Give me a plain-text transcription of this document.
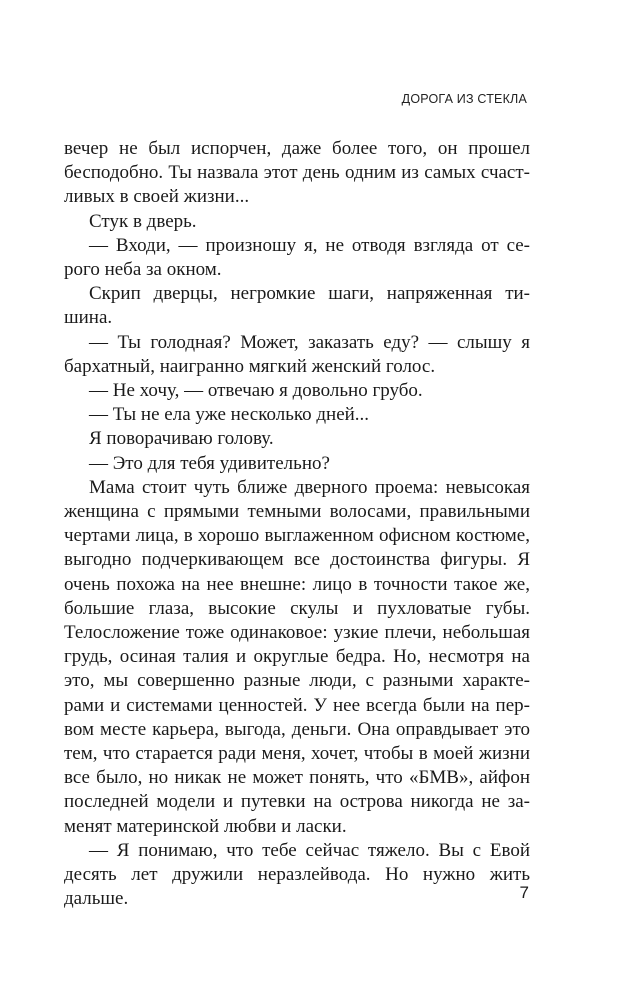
ДОРОГА ИЗ СТЕКЛА

вечер не был испорчен, даже более того, он прошел бесподобно. Ты назвала этот день одним из самых счастливых в своей жизни...

Стук в дверь.

— Входи, — произношу я, не отводя взгляда от серого неба за окном.

Скрип дверцы, негромкие шаги, напряженная тишина.

— Ты голодная? Может, заказать еду? — слышу я бархатный, наигранно мягкий женский голос.

— Не хочу, — отвечаю я довольно грубо.

— Ты не ела уже несколько дней...

Я поворачиваю голову.

— Это для тебя удивительно?

Мама стоит чуть ближе дверного проема: невысокая женщина с прямыми темными волосами, правильными чертами лица, в хорошо выглаженном офисном костюме, выгодно подчеркивающем все достоинства фигуры. Я очень похожа на нее внешне: лицо в точности такое же, большие глаза, высокие скулы и пухловатые губы. Телосложение тоже одинаковое: узкие плечи, небольшая грудь, осиная талия и округлые бедра. Но, несмотря на это, мы совершенно разные люди, с разными характерами и системами ценностей. У нее всегда были на первом месте карьера, выгода, деньги. Она оправдывает это тем, что старается ради меня, хочет, чтобы в моей жизни все было, но никак не может понять, что «БМВ», айфон последней модели и путевки на острова никогда не заменят материнской любви и ласки.

— Я понимаю, что тебе сейчас тяжело. Вы с Евой десять лет дружили неразлейвода. Но нужно жить дальше.	7
